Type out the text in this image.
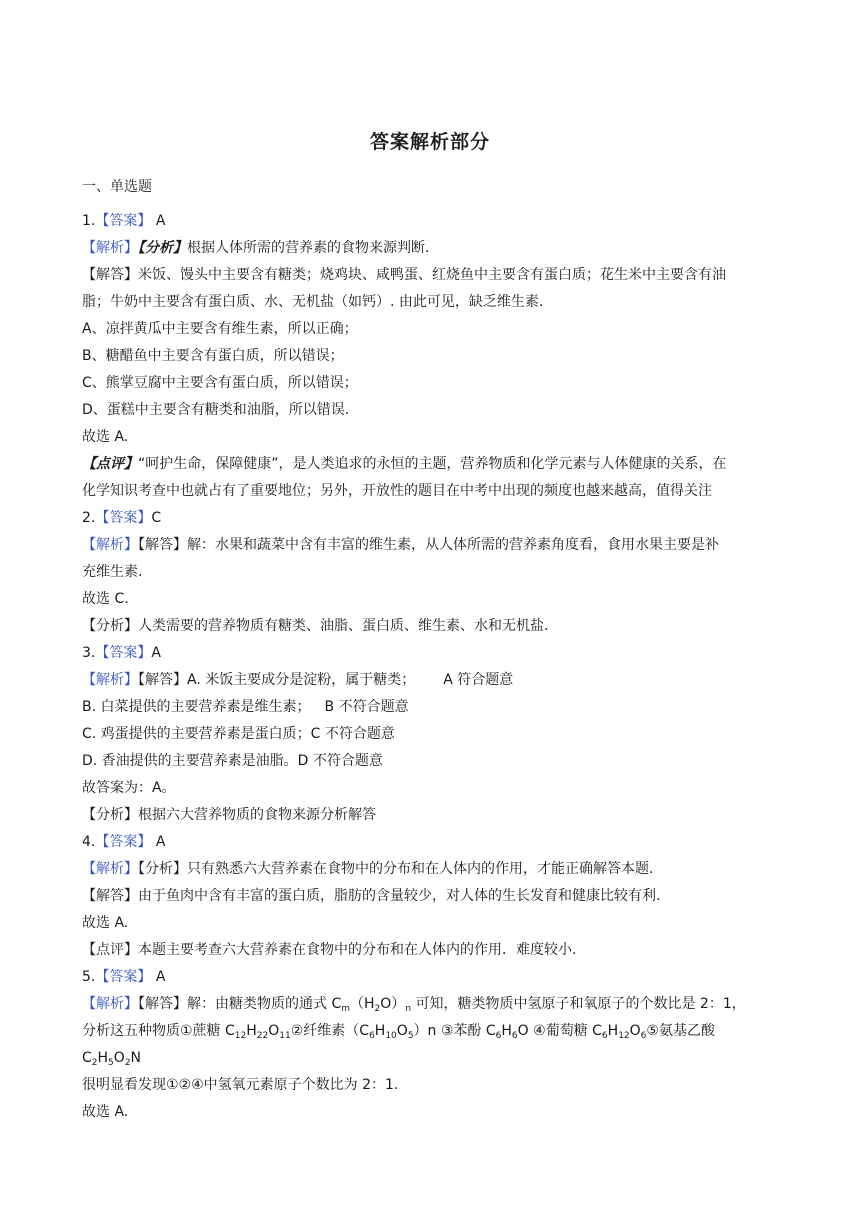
答案解析部分
一、单选题
1.【答案】 A
【解析】【分析】根据人体所需的营养素的食物来源判断.
【解答】米饭、馒头中主要含有糖类；烧鸡块、咸鸭蛋、红烧鱼中主要含有蛋白质；花生米中主要含有油
脂；牛奶中主要含有蛋白质、水、无机盐（如钙）. 由此可见，缺乏维生素.
A、凉拌黄瓜中主要含有维生素，所以正确；
B、糖醋鱼中主要含有蛋白质，所以错误；
C、熊掌豆腐中主要含有蛋白质，所以错误；
D、蛋糕中主要含有糖类和油脂，所以错误.
故选 A.
【点评】“呵护生命，保障健康”，是人类追求的永恒的主题，营养物质和化学元素与人体健康的关系，在
化学知识考查中也就占有了重要地位；另外，开放性的题目在中考中出现的频度也越来越高，值得关注
2.【答案】C
【解析】【解答】解：水果和蔬菜中含有丰富的维生素，从人体所需的营养素角度看，食用水果主要是补
充维生素.
故选 C.
【分析】人类需要的营养物质有糖类、油脂、蛋白质、维生素、水和无机盐.
3.【答案】A
【解析】【解答】A. 米饭主要成分是淀粉，属于糖类； A 符合题意
B. 白菜提供的主要营养素是维生素； B 不符合题意
C. 鸡蛋提供的主要营养素是蛋白质；C 不符合题意
D. 香油提供的主要营养素是油脂。D 不符合题意
故答案为：A。
【分析】根据六大营养物质的食物来源分析解答
4.【答案】 A
【解析】【分析】只有熟悉六大营养素在食物中的分布和在人体内的作用，才能正确解答本题.
【解答】由于鱼肉中含有丰富的蛋白质，脂肪的含量较少，对人体的生长发育和健康比较有利.
故选 A.
【点评】本题主要考查六大营养素在食物中的分布和在人体内的作用．难度较小.
5.【答案】 A
【解析】【解答】解：由糖类物质的通式 $C_m(H_2O)_n$ 可知，糖类物质中氢原子和氧原子的个数比是 2：1，
分析这五种物质①蔗糖 $C_{12}H_{22}O_{11}②$纤维素$(C_6H_{10}O_5)n$ ③苯酚 $C_6H_6O$ ④葡萄糖 $C_6H_{12}O_6⑤$氨基乙酸
$C_2H_5O_2N$
很明显看发现①②④中氢氧元素原子个数比为 2：1.
故选 A.
